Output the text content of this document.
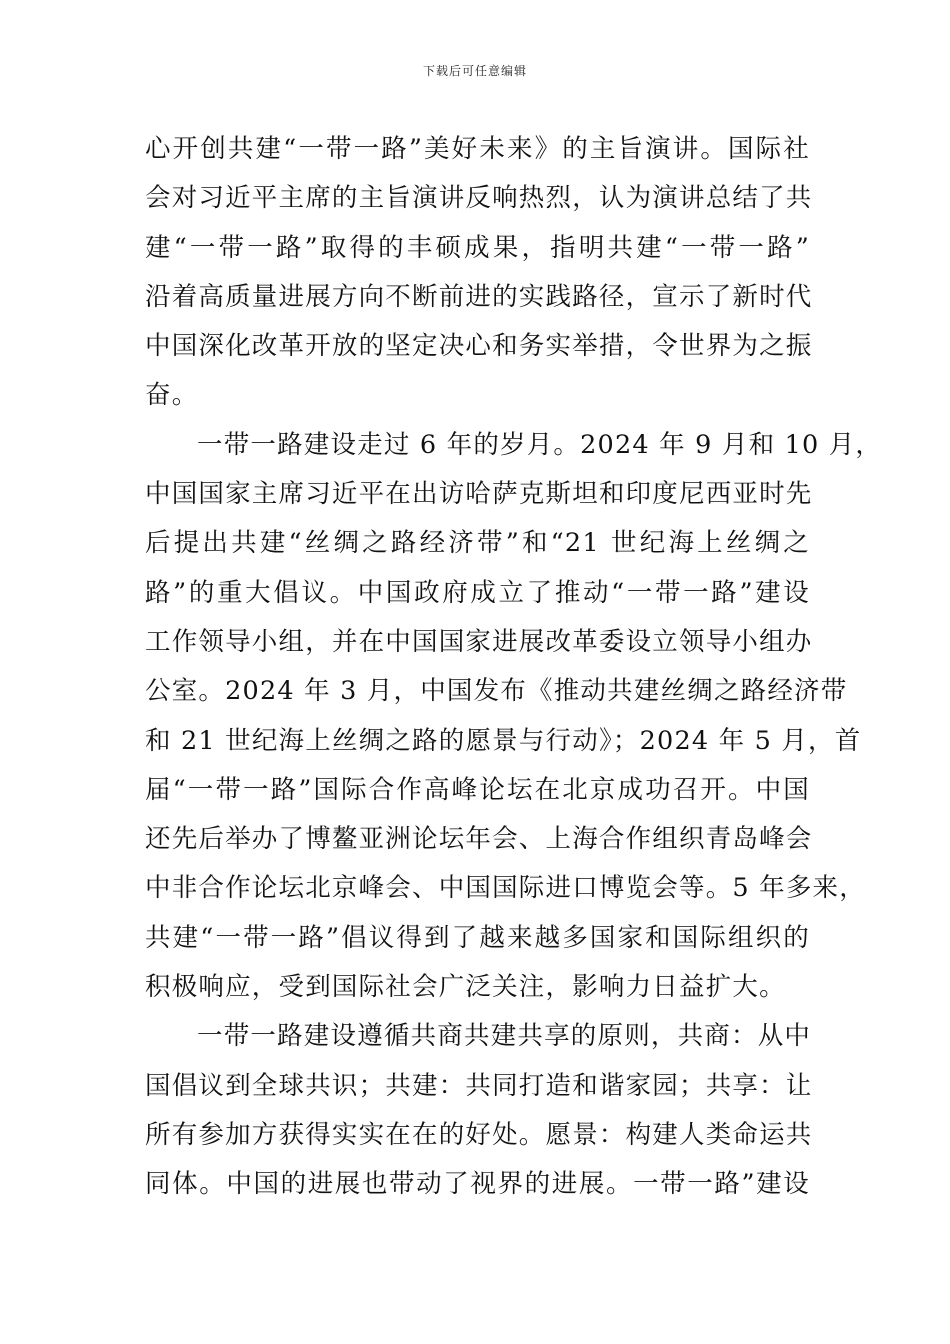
下载后可任意编辑
心开创共建“一带一路”美好未来》的主旨演讲。国际社
会对习近平主席的主旨演讲反响热烈，认为演讲总结了共
建“一带一路”取得的丰硕成果，指明共建“一带一路”
沿着高质量进展方向不断前进的实践路径，宣示了新时代
中国深化改革开放的坚定决心和务实举措，令世界为之振
奋。
一带一路建设走过 6 年的岁月。2024 年 9 月和 10 月，
中国国家主席习近平在出访哈萨克斯坦和印度尼西亚时先
后提出共建“丝绸之路经济带”和“21 世纪海上丝绸之
路”的重大倡议。中国政府成立了推动“一带一路”建设
工作领导小组，并在中国国家进展改革委设立领导小组办
公室。2024 年 3 月，中国发布《推动共建丝绸之路经济带
和 21 世纪海上丝绸之路的愿景与行动》；2024 年 5 月，首
届“一带一路”国际合作高峰论坛在北京成功召开。中国
还先后举办了博鳌亚洲论坛年会、上海合作组织青岛峰会
中非合作论坛北京峰会、中国国际进口博览会等。5 年多来，
共建“一带一路”倡议得到了越来越多国家和国际组织的
积极响应，受到国际社会广泛关注，影响力日益扩大。
一带一路建设遵循共商共建共享的原则，共商：从中
国倡议到全球共识；共建：共同打造和谐家园；共享：让
所有参加方获得实实在在的好处。愿景：构建人类命运共
同体。中国的进展也带动了视界的进展。一带一路”建设
